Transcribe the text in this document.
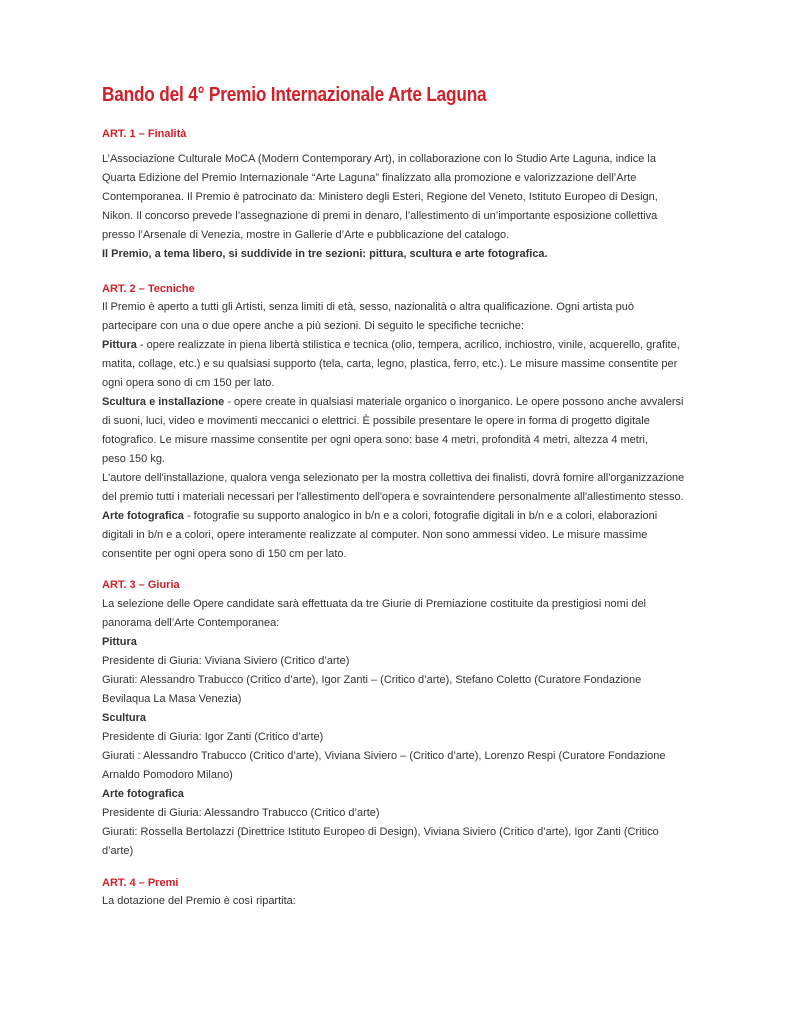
Bando del 4° Premio Internazionale Arte Laguna
ART. 1 – Finalità
L’Associazione Culturale MoCA (Modern Contemporary Art), in collaborazione con lo Studio Arte Laguna, indice la
Quarta Edizione del Premio Internazionale “Arte Laguna” finalizzato alla promozione e valorizzazione dell’Arte
Contemporanea. Il Premio è patrocinato da: Ministero degli Esteri, Regione del Veneto, Istituto Europeo di Design,
Nikon. Il concorso prevede l’assegnazione di premi in denaro, l’allestimento di un’importante esposizione collettiva
presso l’Arsenale di Venezia, mostre in Gallerie d’Arte e pubblicazione del catalogo.
Il Premio, a tema libero, si suddivide in tre sezioni: pittura, scultura e arte fotografica.
ART. 2 – Tecniche
Il Premio è aperto a tutti gli Artisti, senza limiti di età, sesso, nazionalità o altra qualificazione. Ogni artista può
partecipare con una o due opere anche a più sezioni. Di seguito le specifiche tecniche:
Pittura - opere realizzate in piena libertà stilistica e tecnica (olio, tempera, acrilico, inchiostro, vinile, acquerello, grafite,
matita, collage, etc.) e su qualsiasi supporto (tela, carta, legno, plastica, ferro, etc.). Le misure massime consentite per
ogni opera sono di cm 150 per lato.
Scultura e installazione - opere create in qualsiasi materiale organico o inorganico. Le opere possono anche avvalersi
di suoni, luci, video e movimenti meccanici o elettrici. È possibile presentare le opere in forma di progetto digitale
fotografico. Le misure massime consentite per ogni opera sono: base 4 metri, profondità 4 metri, altezza 4 metri,
peso 150 kg.
L'autore dell'installazione, qualora venga selezionato per la mostra collettiva dei finalisti, dovrà fornire all'organizzazione
del premio tutti i materiali necessari per l'allestimento dell'opera e sovraintendere personalmente all'allestimento stesso.
Arte fotografica - fotografie su supporto analogico in b/n e a colori, fotografie digitali in b/n e a colori, elaborazioni
digitali in b/n e a colori, opere interamente realizzate al computer. Non sono ammessi video. Le misure massime
consentite per ogni opera sono di 150 cm per lato.
ART. 3 – Giuria
La selezione delle Opere candidate sarà effettuata da tre Giurie di Premiazione costituite da prestigiosi nomi del
panorama dell’Arte Contemporanea:
Pittura
Presidente di Giuria: Viviana Siviero (Critico d’arte)
Giurati: Alessandro Trabucco (Critico d’arte), Igor Zanti – (Critico d’arte), Stefano Coletto (Curatore Fondazione
Bevilaqua La Masa Venezia)
Scultura
Presidente di Giuria: Igor Zanti (Critico d’arte)
Giurati : Alessandro Trabucco (Critico d’arte), Viviana Siviero – (Critico d’arte), Lorenzo Respi (Curatore Fondazione
Arnaldo Pomodoro Milano)
Arte fotografica
Presidente di Giuria: Alessandro Trabucco (Critico d’arte)
Giurati: Rossella Bertolazzi (Direttrice Istituto Europeo di Design), Viviana Siviero (Critico d’arte), Igor Zanti (Critico
d’arte)
ART. 4 – Premi
La dotazione del Premio è così ripartita:
